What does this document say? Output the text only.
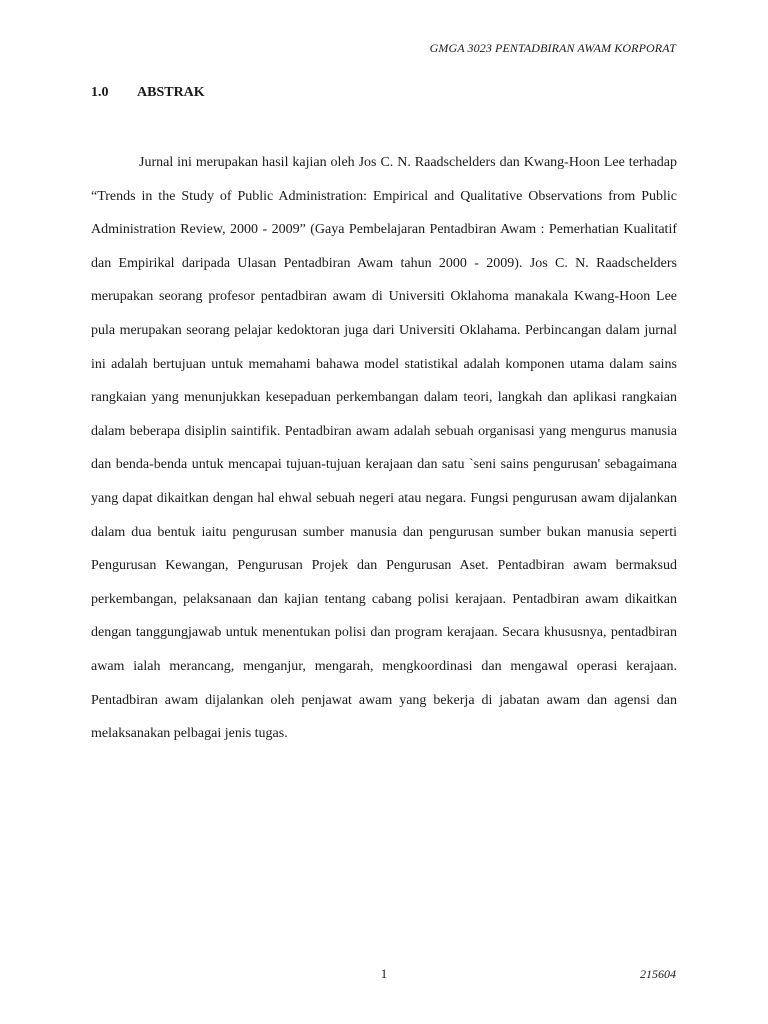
GMGA 3023 PENTADBIRAN AWAM KORPORAT
1.0	ABSTRAK

Jurnal ini merupakan hasil kajian oleh Jos C. N. Raadschelders dan Kwang-Hoon Lee terhadap “Trends in the Study of Public Administration: Empirical and Qualitative Observations from Public Administration Review, 2000 - 2009” (Gaya Pembelajaran Pentadbiran Awam : Pemerhatian Kualitatif dan Empirikal daripada Ulasan Pentadbiran Awam tahun 2000 - 2009). Jos C. N. Raadschelders merupakan seorang profesor pentadbiran awam di Universiti Oklahoma manakala Kwang-Hoon Lee pula merupakan seorang pelajar kedoktoran juga dari Universiti Oklahama. Perbincangan dalam jurnal ini adalah bertujuan untuk memahami bahawa model statistikal adalah komponen utama dalam sains rangkaian yang menunjukkan kesepaduan perkembangan dalam teori, langkah dan aplikasi rangkaian dalam beberapa disiplin saintifik. Pentadbiran awam adalah sebuah organisasi yang mengurus manusia dan benda-benda untuk mencapai tujuan-tujuan kerajaan dan satu `seni sains pengurusan' sebagaimana yang dapat dikaitkan dengan hal ehwal sebuah negeri atau negara. Fungsi pengurusan awam dijalankan dalam dua bentuk iaitu pengurusan sumber manusia dan pengurusan sumber bukan manusia seperti Pengurusan Kewangan, Pengurusan Projek dan Pengurusan Aset. Pentadbiran awam bermaksud perkembangan, pelaksanaan dan kajian tentang cabang polisi kerajaan. Pentadbiran awam dikaitkan dengan tanggungjawab untuk menentukan polisi dan program kerajaan. Secara khususnya, pentadbiran awam ialah merancang, menganjur, mengarah, mengkoordinasi dan mengawal operasi kerajaan. Pentadbiran awam dijalankan oleh penjawat awam yang bekerja di jabatan awam dan agensi dan melaksanakan pelbagai jenis tugas.

1	215604
